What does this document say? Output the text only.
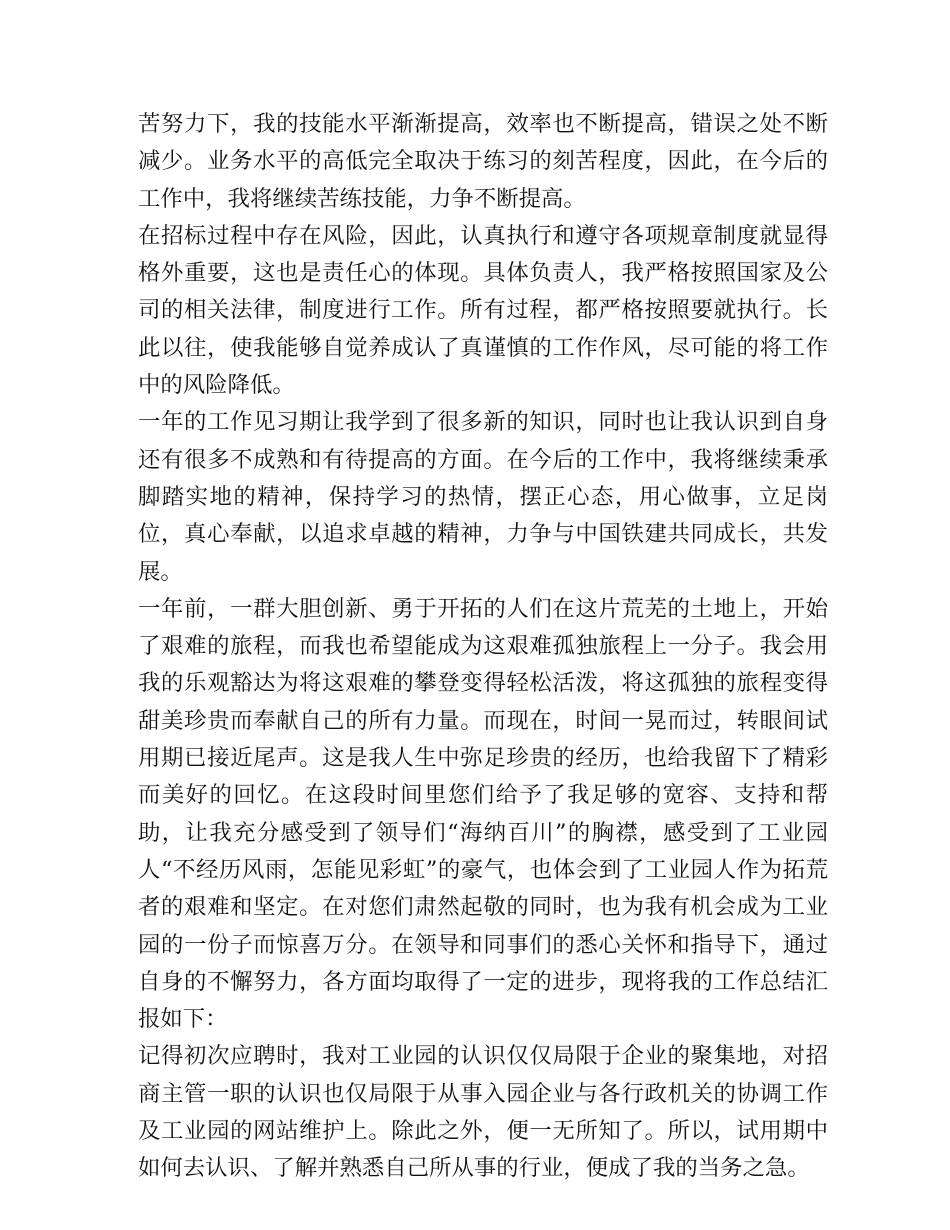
苦努力下，我的技能水平渐渐提高，效率也不断提高，错误之处不断减少。业务水平的高低完全取决于练习的刻苦程度，因此，在今后的工作中，我将继续苦练技能，力争不断提高。

在招标过程中存在风险，因此，认真执行和遵守各项规章制度就显得格外重要，这也是责任心的体现。具体负责人，我严格按照国家及公司的相关法律，制度进行工作。所有过程，都严格按照要就执行。长此以往，使我能够自觉养成认了真谨慎的工作作风，尽可能的将工作中的风险降低。

一年的工作见习期让我学到了很多新的知识，同时也让我认识到自身还有很多不成熟和有待提高的方面。在今后的工作中，我将继续秉承脚踏实地的精神，保持学习的热情，摆正心态，用心做事，立足岗位，真心奉献，以追求卓越的精神，力争与中国铁建共同成长，共发展。

一年前，一群大胆创新、勇于开拓的人们在这片荒芜的土地上，开始了艰难的旅程，而我也希望能成为这艰难孤独旅程上一分子。我会用我的乐观豁达为将这艰难的攀登变得轻松活泼，将这孤独的旅程变得甜美珍贵而奉献自己的所有力量。而现在，时间一晃而过，转眼间试用期已接近尾声。这是我人生中弥足珍贵的经历，也给我留下了精彩而美好的回忆。在这段时间里您们给予了我足够的宽容、支持和帮助，让我充分感受到了领导们“海纳百川”的胸襟，感受到了工业园人“不经历风雨，怎能见彩虹”的豪气，也体会到了工业园人作为拓荒者的艰难和坚定。在对您们肃然起敬的同时，也为我有机会成为工业园的一份子而惊喜万分。在领导和同事们的悉心关怀和指导下，通过自身的不懈努力，各方面均取得了一定的进步，现将我的工作总结汇报如下：

记得初次应聘时，我对工业园的认识仅仅局限于企业的聚集地，对招商主管一职的认识也仅局限于从事入园企业与各行政机关的协调工作及工业园的网站维护上。除此之外，便一无所知了。所以，试用期中如何去认识、了解并熟悉自己所从事的行业，便成了我的当务之急。
